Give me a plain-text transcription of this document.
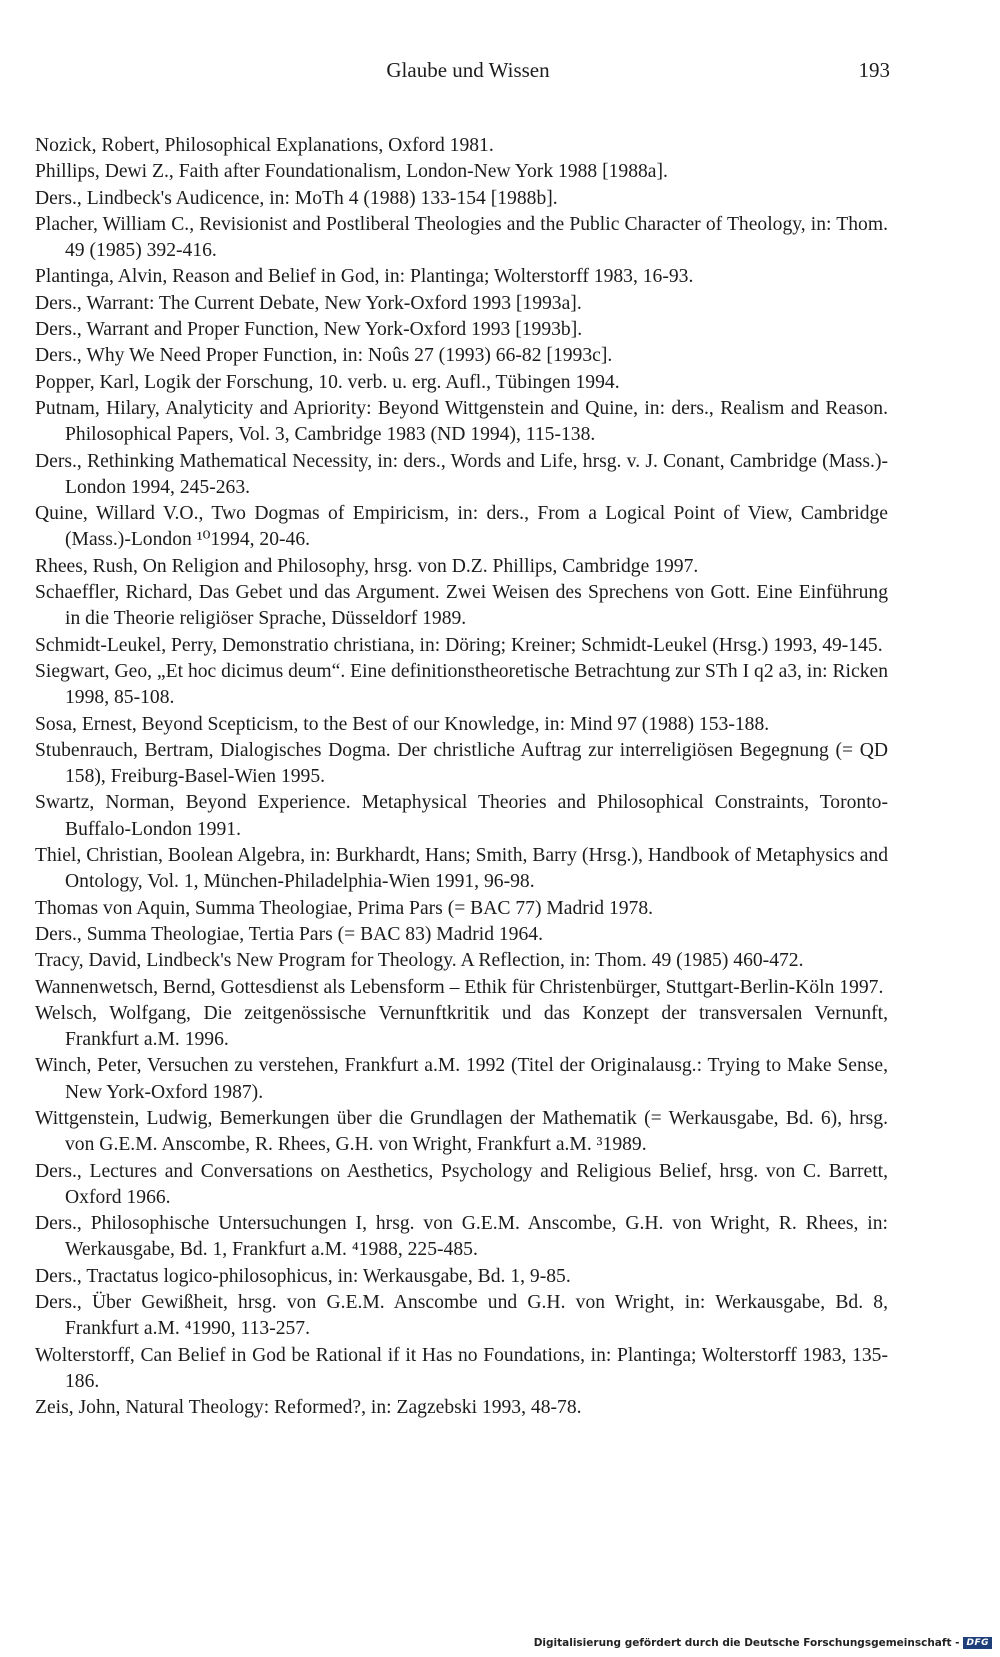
Glaube und Wissen	193
Nozick, Robert, Philosophical Explanations, Oxford 1981.
Phillips, Dewi Z., Faith after Foundationalism, London-New York 1988 [1988a].
Ders., Lindbeck's Audicence, in: MoTh 4 (1988) 133-154 [1988b].
Placher, William C., Revisionist and Postliberal Theologies and the Public Character of Theology, in: Thom. 49 (1985) 392-416.
Plantinga, Alvin, Reason and Belief in God, in: Plantinga; Wolterstorff 1983, 16-93.
Ders., Warrant: The Current Debate, New York-Oxford 1993 [1993a].
Ders., Warrant and Proper Function, New York-Oxford 1993 [1993b].
Ders., Why We Need Proper Function, in: Noûs 27 (1993) 66-82 [1993c].
Popper, Karl, Logik der Forschung, 10. verb. u. erg. Aufl., Tübingen 1994.
Putnam, Hilary, Analyticity and Apriority: Beyond Wittgenstein and Quine, in: ders., Realism and Reason. Philosophical Papers, Vol. 3, Cambridge 1983 (ND 1994), 115-138.
Ders., Rethinking Mathematical Necessity, in: ders., Words and Life, hrsg. v. J. Conant, Cambridge (Mass.)-London 1994, 245-263.
Quine, Willard V.O., Two Dogmas of Empiricism, in: ders., From a Logical Point of View, Cambridge (Mass.)-London ¹⁰1994, 20-46.
Rhees, Rush, On Religion and Philosophy, hrsg. von D.Z. Phillips, Cambridge 1997.
Schaeffler, Richard, Das Gebet und das Argument. Zwei Weisen des Sprechens von Gott. Eine Einführung in die Theorie religiöser Sprache, Düsseldorf 1989.
Schmidt-Leukel, Perry, Demonstratio christiana, in: Döring; Kreiner; Schmidt-Leukel (Hrsg.) 1993, 49-145.
Siegwart, Geo, „Et hoc dicimus deum“. Eine definitionstheoretische Betrachtung zur STh I q2 a3, in: Ricken 1998, 85-108.
Sosa, Ernest, Beyond Scepticism, to the Best of our Knowledge, in: Mind 97 (1988) 153-188.
Stubenrauch, Bertram, Dialogisches Dogma. Der christliche Auftrag zur interreligiösen Begegnung (= QD 158), Freiburg-Basel-Wien 1995.
Swartz, Norman, Beyond Experience. Metaphysical Theories and Philosophical Constraints, Toronto-Buffalo-London 1991.
Thiel, Christian, Boolean Algebra, in: Burkhardt, Hans; Smith, Barry (Hrsg.), Handbook of Metaphysics and Ontology, Vol. 1, München-Philadelphia-Wien 1991, 96-98.
Thomas von Aquin, Summa Theologiae, Prima Pars (= BAC 77) Madrid 1978.
Ders., Summa Theologiae, Tertia Pars (= BAC 83) Madrid 1964.
Tracy, David, Lindbeck's New Program for Theology. A Reflection, in: Thom. 49 (1985) 460-472.
Wannenwetsch, Bernd, Gottesdienst als Lebensform – Ethik für Christenbürger, Stuttgart-Berlin-Köln 1997.
Welsch, Wolfgang, Die zeitgenössische Vernunftkritik und das Konzept der transversalen Vernunft, Frankfurt a.M. 1996.
Winch, Peter, Versuchen zu verstehen, Frankfurt a.M. 1992 (Titel der Originalausg.: Trying to Make Sense, New York-Oxford 1987).
Wittgenstein, Ludwig, Bemerkungen über die Grundlagen der Mathematik (= Werkausgabe, Bd. 6), hrsg. von G.E.M. Anscombe, R. Rhees, G.H. von Wright, Frankfurt a.M. ³1989.
Ders., Lectures and Conversations on Aesthetics, Psychology and Religious Belief, hrsg. von C. Barrett, Oxford 1966.
Ders., Philosophische Untersuchungen I, hrsg. von G.E.M. Anscombe, G.H. von Wright, R. Rhees, in: Werkausgabe, Bd. 1, Frankfurt a.M. ⁴1988, 225-485.
Ders., Tractatus logico-philosophicus, in: Werkausgabe, Bd. 1, 9-85.
Ders., Über Gewißheit, hrsg. von G.E.M. Anscombe und G.H. von Wright, in: Werkausgabe, Bd. 8, Frankfurt a.M. ⁴1990, 113-257.
Wolterstorff, Can Belief in God be Rational if it Has no Foundations, in: Plantinga; Wolterstorff 1983, 135-186.
Zeis, John, Natural Theology: Reformed?, in: Zagzebski 1993, 48-78.
Digitalisierung gefördert durch die Deutsche Forschungsgemeinschaft - DFG
